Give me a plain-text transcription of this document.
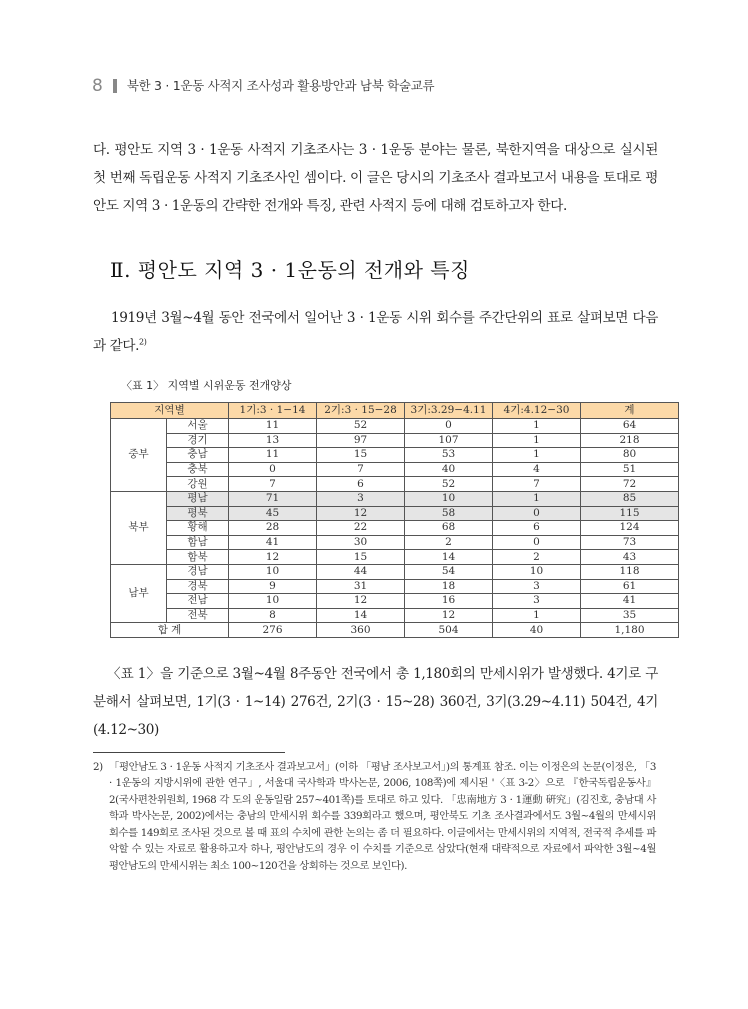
8 북한 3 · 1운동 사적지 조사성과 활용방안과 남북 학술교류
다. 평안도 지역 3 · 1운동 사적지 기초조사는 3 · 1운동 분야는 물론, 북한지역을 대상으로 실시된 첫 번째 독립운동 사적지 기초조사인 셈이다. 이 글은 당시의 기초조사 결과보고서 내용을 토대로 평안도 지역 3 · 1운동의 간략한 전개와 특징, 관련 사적지 등에 대해 검토하고자 한다.
Ⅱ. 평안도 지역 3 · 1운동의 전개와 특징
1919년 3월~4월 동안 전국에서 일어난 3 · 1운동 시위 회수를 주간단위의 표로 살펴보면 다음과 같다.$^{2)}$
〈표 1〉 지역별 시위운동 전개양상
지역별		1기:3 · 1−14	2기:3 · 15−28	3기:3.29−4.11	4기:4.12−30	계
중부	서울	11	52	0	1	64
	경기	13	97	107	1	218
	충남	11	15	53	1	80
	충북	0	7	40	4	51
	강원	7	6	52	7	72
북부	평남	71	3	10	1	85
	평북	45	12	58	0	115
	황해	28	22	68	6	124
	함남	41	30	2	0	73
	함북	12	15	14	2	43
남부	경남	10	44	54	10	118
	경북	9	31	18	3	61
	전남	10	12	16	3	41
	전북	8	14	12	1	35
합 계		276	360	504	40	1,180
〈표 1〉을 기준으로 3월~4월 8주동안 전국에서 총 1,180회의 만세시위가 발생했다. 4기로 구분해서 살펴보면, 1기(3 · 1~14) 276건, 2기(3 · 15~28) 360건, 3기(3.29~4.11) 504건, 4기(4.12~30)
2) 「평안남도 3 · 1운동 사적지 기초조사 결과보고서」(이하 「평남 조사보고서」)의 통계표 참조. 이는 이정은의 논문(이정은, 「3 · 1운동의 지방시위에 관한 연구」, 서울대 국사학과 박사논문, 2006, 108쪽)에 제시된 '〈표 3-2〉으로 『한국독립운동사』2(국사편찬위원회, 1968 각 도의 운동일람 257~401쪽)를 토대로 하고 있다. 「忠南地方 3 · 1運動 硏究」(김진호, 충남대 사학과 박사논문, 2002)에서는 충남의 만세시위 회수를 339회라고 했으며, 평안북도 기초 조사결과에서도 3월~4월의 만세시위 회수를 149회로 조사된 것으로 볼 때 표의 수치에 관한 논의는 좀 더 필요하다. 이글에서는 만세시위의 지역적, 전국적 추세를 파악할 수 있는 자료로 활용하고자 하나, 평안남도의 경우 이 수치를 기준으로 삼았다(현재 대략적으로 자료에서 파악한 3월~4월 평안남도의 만세시위는 최소 100~120건을 상회하는 것으로 보인다).
